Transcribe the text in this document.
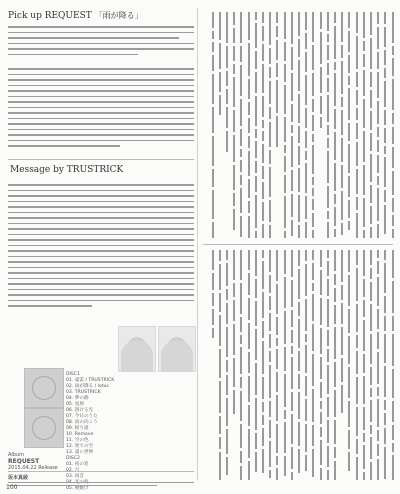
Pick up REQUEST 「雨が降る」
Message by TRUSTRICK
DISC1
01. 遠雷 / TRUSTRICK
02. 雨が降る / lotus
03. TRUSTRICK
04. 夢の跡
05. 星屑
06. 溶ける光
07. 今日のうた
08. 雨の向こう
09. 帰り道
10. Remove
11. 空の色
12. 果ての空
13. 遠い世界
DISC2
01. 夜の窓
03. 雨音
05. 朝焼け
Album
REQUEST
2015.04.22 Release
坂本真綾
100
